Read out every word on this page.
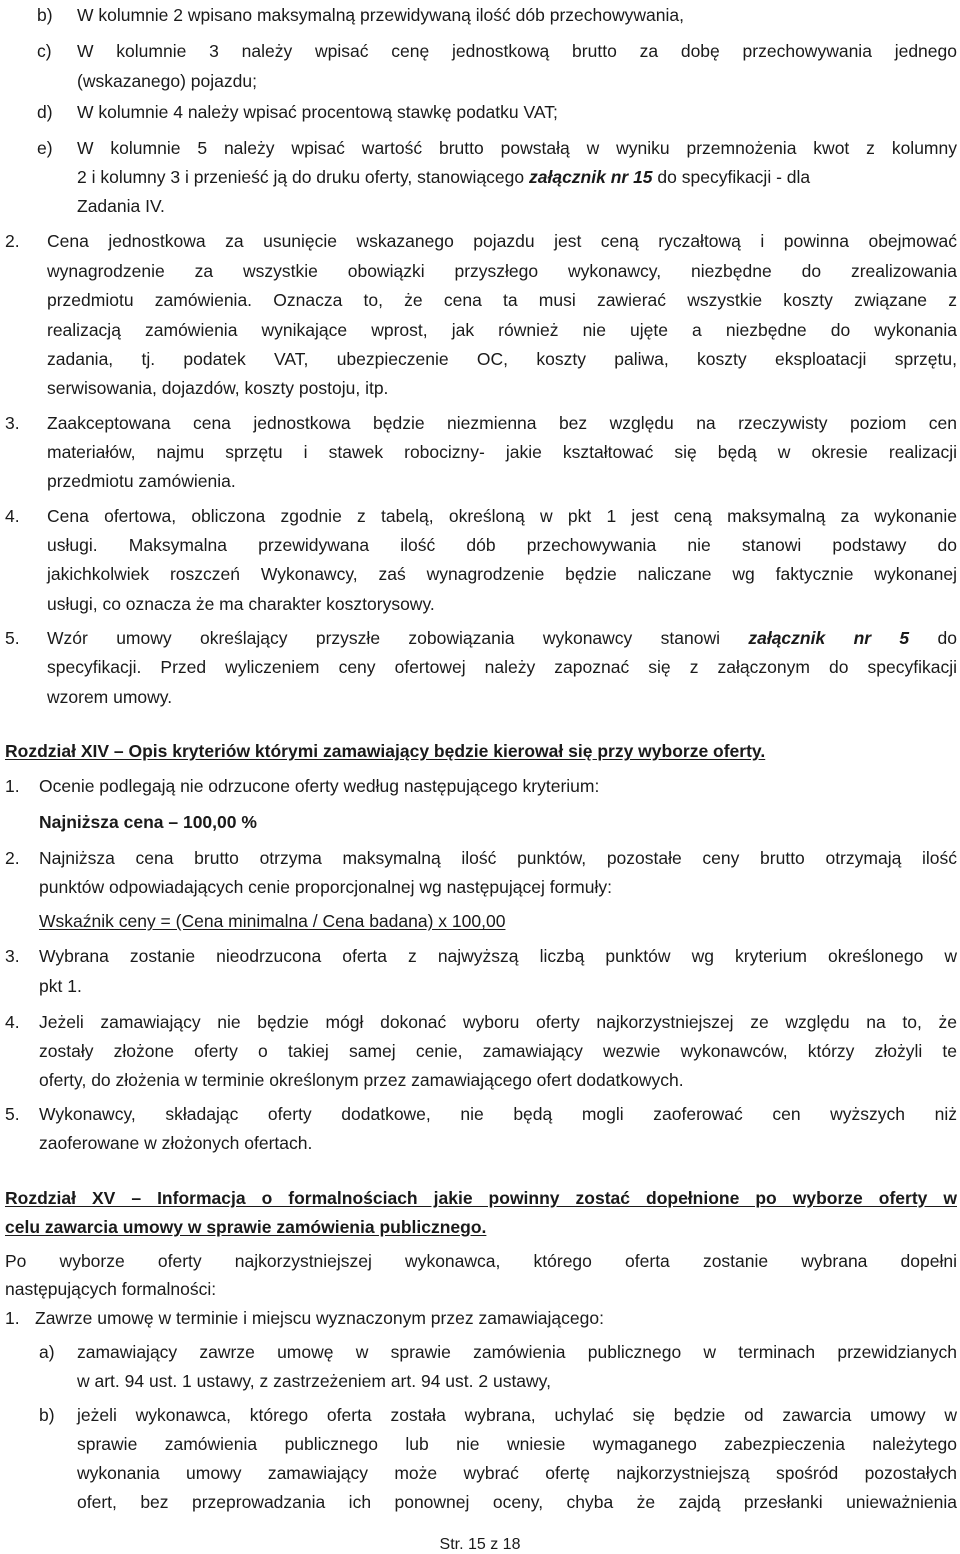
b) W kolumnie 2 wpisano maksymalną przewidywaną ilość dób przechowywania,
c) W kolumnie 3 należy wpisać cenę jednostkową brutto za dobę przechowywania jednego
(wskazanego) pojazdu;
d) W kolumnie 4 należy wpisać procentową stawkę podatku VAT;
e) W kolumnie 5 należy wpisać wartość brutto powstałą w wyniku przemnożenia kwot z kolumny
2 i kolumny 3 i przenieść ją do druku oferty, stanowiącego załącznik nr 15 do specyfikacji - dla
Zadania IV.
2. Cena jednostkowa za usunięcie wskazanego pojazdu jest ceną ryczałtową i powinna obejmować
wynagrodzenie za wszystkie obowiązki przyszłego wykonawcy, niezbędne do zrealizowania
przedmiotu zamówienia. Oznacza to, że cena ta musi zawierać wszystkie koszty związane z
realizacją zamówienia wynikające wprost, jak również nie ujęte a niezbędne do wykonania
zadania, tj. podatek VAT, ubezpieczenie OC, koszty paliwa, koszty eksploatacji sprzętu,
serwisowania, dojazdów, koszty postoju, itp.
3. Zaakceptowana cena jednostkowa będzie niezmienna bez względu na rzeczywisty poziom cen
materiałów, najmu sprzętu i stawek robocizny- jakie kształtować się będą w okresie realizacji
przedmiotu zamówienia.
4. Cena ofertowa, obliczona zgodnie z tabelą, określoną w pkt 1 jest ceną maksymalną za wykonanie
usługi. Maksymalna przewidywana ilość dób przechowywania nie stanowi podstawy do
jakichkolwiek roszczeń Wykonawcy, zaś wynagrodzenie będzie naliczane wg faktycznie wykonanej
usługi, co oznacza że ma charakter kosztorysowy.
5. Wzór umowy określający przyszłe zobowiązania wykonawcy stanowi załącznik nr 5 do
specyfikacji. Przed wyliczeniem ceny ofertowej należy zapoznać się z załączonym do specyfikacji
wzorem umowy.
Rozdział XIV – Opis kryteriów którymi zamawiający będzie kierował się przy wyborze oferty.
1. Ocenie podlegają nie odrzucone oferty według następującego kryterium:
Najniższa cena – 100,00 %
2. Najniższa cena brutto otrzyma maksymalną ilość punktów, pozostałe ceny brutto otrzymają ilość
punktów odpowiadających cenie proporcjonalnej wg następującej formuły:
Wskaźnik ceny = (Cena minimalna / Cena badana) x 100,00
3. Wybrana zostanie nieodrzucona oferta z najwyższą liczbą punktów wg kryterium określonego w
pkt 1.
4. Jeżeli zamawiający nie będzie mógł dokonać wyboru oferty najkorzystniejszej ze względu na to, że
zostały złożone oferty o takiej samej cenie, zamawiający wezwie wykonawców, którzy złożyli te
oferty, do złożenia w terminie określonym przez zamawiającego ofert dodatkowych.
5. Wykonawcy, składając oferty dodatkowe, nie będą mogli zaoferować cen wyższych niż
zaoferowane w złożonych ofertach.
Rozdział XV – Informacja o formalnościach jakie powinny zostać dopełnione po wyborze oferty w
celu zawarcia umowy w sprawie zamówienia publicznego.
Po wyborze oferty najkorzystniejszej wykonawca, którego oferta zostanie wybrana dopełni
następujących formalności:
1. Zawrze umowę w terminie i miejscu wyznaczonym przez zamawiającego:
a) zamawiający zawrze umowę w sprawie zamówienia publicznego w terminach przewidzianych
w art. 94 ust. 1 ustawy, z zastrzeżeniem art. 94 ust. 2 ustawy,
b) jeżeli wykonawca, którego oferta została wybrana, uchylać się będzie od zawarcia umowy w
sprawie zamówienia publicznego lub nie wniesie wymaganego zabezpieczenia należytego
wykonania umowy zamawiający może wybrać ofertę najkorzystniejszą spośród pozostałych
ofert, bez przeprowadzania ich ponownej oceny, chyba że zajdą przesłanki unieważnienia
Str. 15 z 18
